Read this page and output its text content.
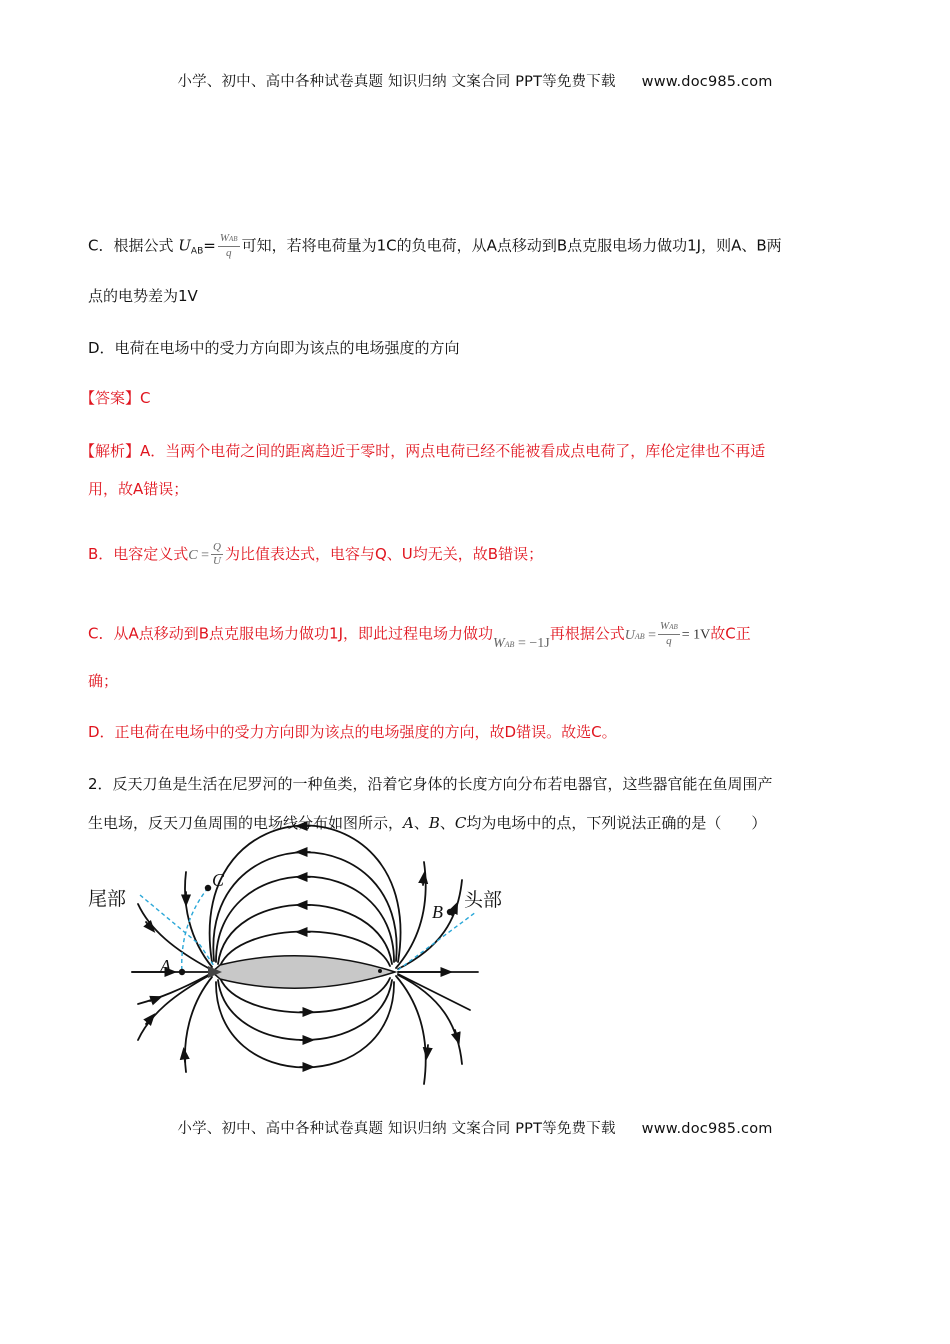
小学、初中、高中各种试卷真题 知识归纳 文案合同 PPT等免费下载 www.doc985.com
C．根据公式 $U_{AB}= \frac{\text{WAB}}{q}$ 可知，若将电荷量为1C的负电荷，从A点移动到B点克服电场力做功1J，则A、B两
点的电势差为1V
D．电荷在电场中的受力方向即为该点的电场强度的方向
【答案】C
【解析】A．当两个电荷之间的距离趋近于零时，两点电荷已经不能被看成点电荷了，库伦定律也不再适
用，故A错误；
B．电容定义式$C = \frac{Q}{U}$ 为比值表达式，电容与Q、U均无关，故B错误；
C．从A点移动到B点克服电场力做功1J，即此过程电场力做功WAB = −1J再根据公式UAB = $\frac{\text{WAB}}{q} = 1V$故C正
确；
D．正电荷在电场中的受力方向即为该点的电场强度的方向，故D错误。故选C。
2．反天刀鱼是生活在尼罗河的一种鱼类，沿着它身体的长度方向分布若电器官，这些器官能在鱼周围产
生电场，反天刀鱼周围的电场线分布如图所示，A、B、C均为电场中的点，下列说法正确的是（　　）
尾部	头部
A
B
C
小学、初中、高中各种试卷真题 知识归纳 文案合同 PPT等免费下载 www.doc985.com
